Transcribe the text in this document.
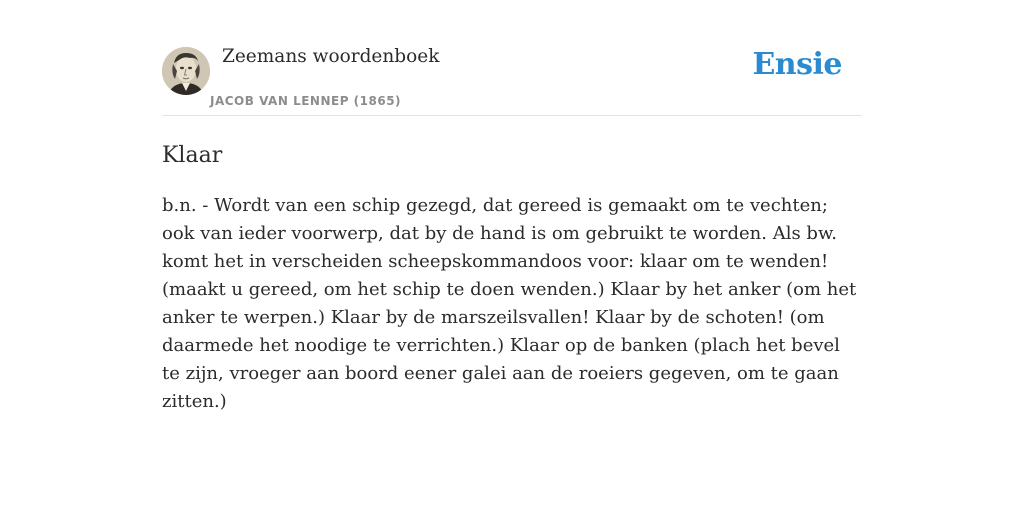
Zeemans woordenboek
JACOB VAN LENNEP (1865)
Ensie
Klaar
b.n. - Wordt van een schip gezegd, dat gereed is gemaakt om te vechten; ook van ieder voorwerp, dat by de hand is om gebruikt te worden. Als bw. komt het in verscheiden scheepskommandoos voor: klaar om te wenden! (maakt u gereed, om het schip te doen wenden.) Klaar by het anker (om het anker te werpen.) Klaar by de marszeilsvallen! Klaar by de schoten! (om daarmede het noodige te verrichten.) Klaar op de banken (plach het bevel te zijn, vroeger aan boord eener galei aan de roeiers gegeven, om te gaan zitten.)
